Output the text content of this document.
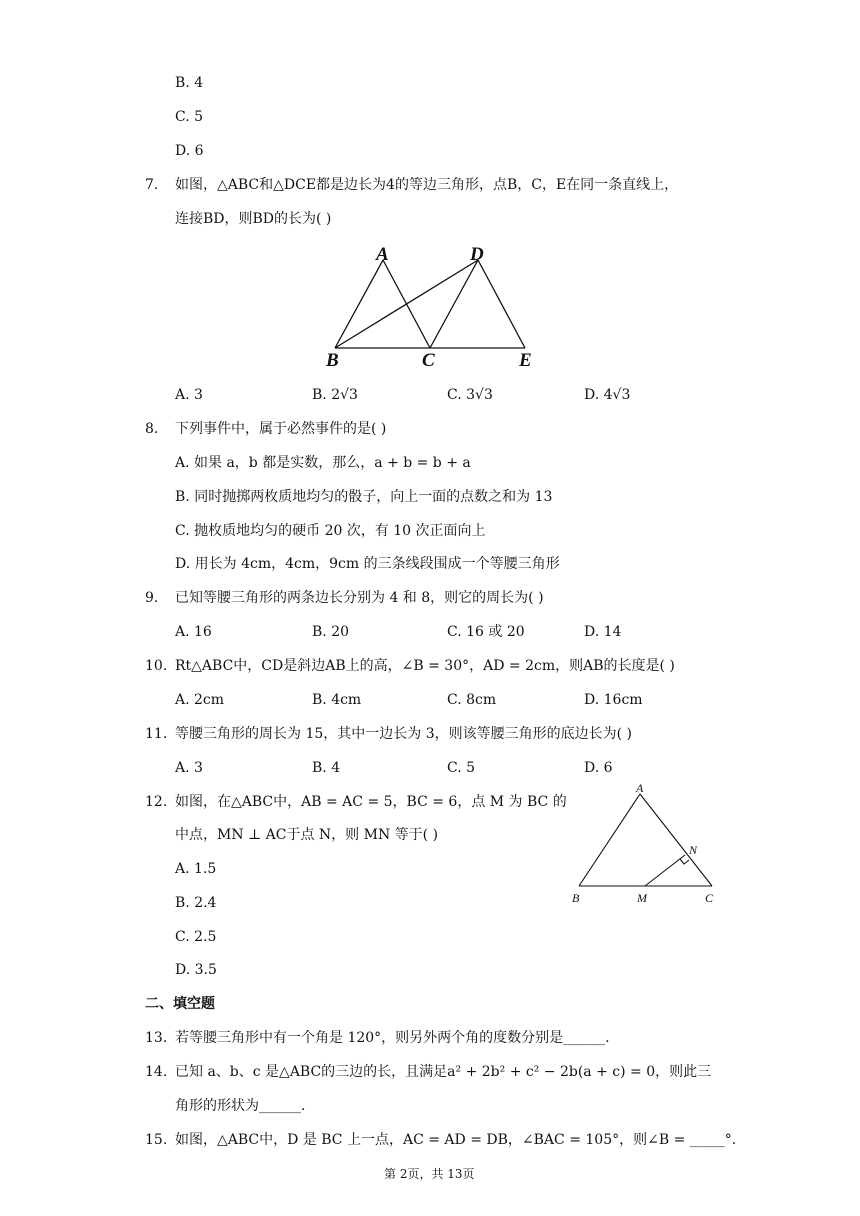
B. 4
C. 5
D. 6
7. 如图，△ABC和△DCE都是边长为4的等边三角形，点B，C，E在同一条直线上，
连接BD，则BD的长为( )
A	D
B	C	E
A. 3	B. 2√3	C. 3√3	D. 4√3
8. 下列事件中，属于必然事件的是( )
A. 如果 a，b 都是实数，那么，a + b = b + a
B. 同时抛掷两枚质地均匀的骰子，向上一面的点数之和为 13
C. 抛枚质地均匀的硬币 20 次，有 10 次正面向上
D. 用长为 4cm，4cm，9cm 的三条线段围成一个等腰三角形
9. 已知等腰三角形的两条边长分别为 4 和 8，则它的周长为( )
A. 16	B. 20	C. 16 或 20	D. 14
10. Rt△ABC中，CD是斜边AB上的高，∠B = 30°，AD = 2cm，则AB的长度是( )
A. 2cm	B. 4cm	C. 8cm	D. 16cm
11. 等腰三角形的周长为 15，其中一边长为 3，则该等腰三角形的底边长为( )
A. 3	B. 4	C. 5	D. 6
12. 如图，在△ABC中，AB = AC = 5，BC = 6，点 M 为 BC 的
中点，MN ⊥ AC于点 N，则 MN 等于( )
A. 1.5
B. 2.4
C. 2.5
D. 3.5
A
B	C
M
N
二、填空题
13. 若等腰三角形中有一个角是 120°，则另外两个角的度数分别是______.
14. 已知 a、b、c 是△ABC的三边的长，且满足a² + 2b² + c² − 2b(a + c) = 0，则此三
角形的形状为______.
15. 如图，△ABC中，D 是 BC 上一点，AC = AD = DB，∠BAC = 105°，则∠B = _____°.
第 2页，共 13页
